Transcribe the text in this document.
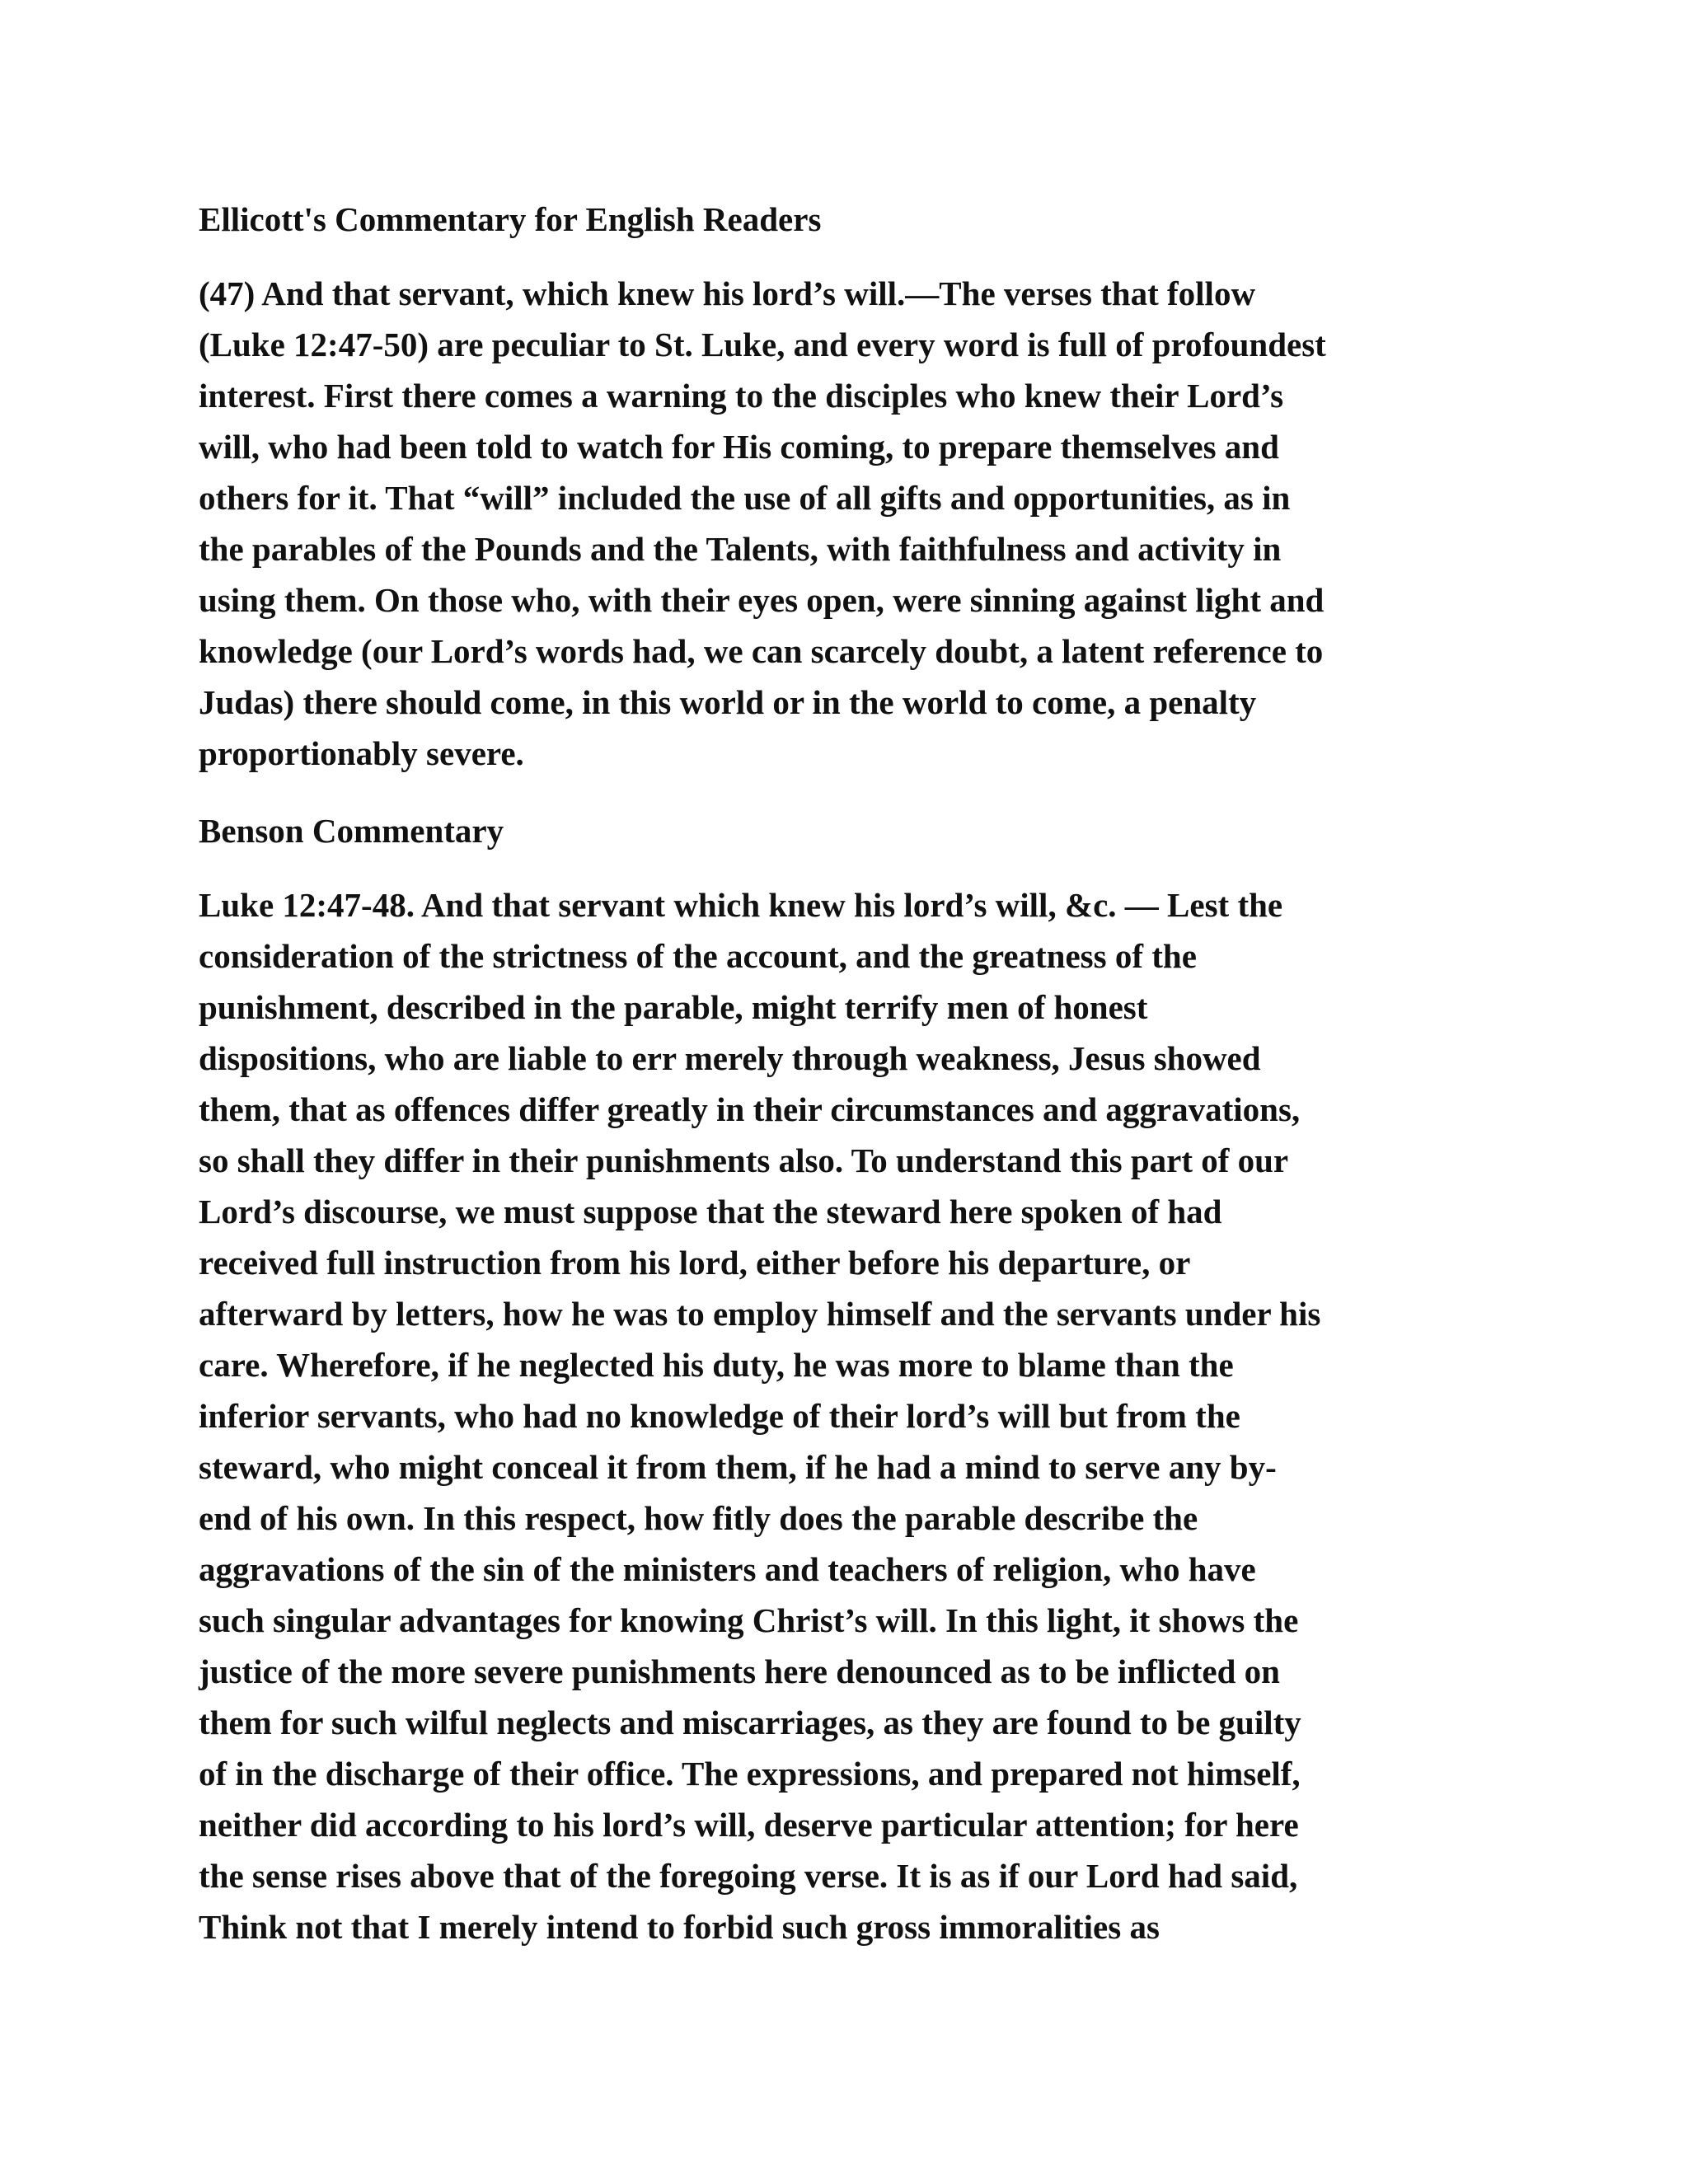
Ellicott's Commentary for English Readers
(47) And that servant, which knew his lord’s will.—The verses that follow
(Luke 12:47-50) are peculiar to St. Luke, and every word is full of profoundest
interest. First there comes a warning to the disciples who knew their Lord’s
will, who had been told to watch for His coming, to prepare themselves and
others for it. That “will” included the use of all gifts and opportunities, as in
the parables of the Pounds and the Talents, with faithfulness and activity in
using them. On those who, with their eyes open, were sinning against light and
knowledge (our Lord’s words had, we can scarcely doubt, a latent reference to
Judas) there should come, in this world or in the world to come, a penalty
proportionably severe.
Benson Commentary
Luke 12:47-48. And that servant which knew his lord’s will, &c. — Lest the
consideration of the strictness of the account, and the greatness of the
punishment, described in the parable, might terrify men of honest
dispositions, who are liable to err merely through weakness, Jesus showed
them, that as offences differ greatly in their circumstances and aggravations,
so shall they differ in their punishments also. To understand this part of our
Lord’s discourse, we must suppose that the steward here spoken of had
received full instruction from his lord, either before his departure, or
afterward by letters, how he was to employ himself and the servants under his
care. Wherefore, if he neglected his duty, he was more to blame than the
inferior servants, who had no knowledge of their lord’s will but from the
steward, who might conceal it from them, if he had a mind to serve any by-
end of his own. In this respect, how fitly does the parable describe the
aggravations of the sin of the ministers and teachers of religion, who have
such singular advantages for knowing Christ’s will. In this light, it shows the
justice of the more severe punishments here denounced as to be inflicted on
them for such wilful neglects and miscarriages, as they are found to be guilty
of in the discharge of their office. The expressions, and prepared not himself,
neither did according to his lord’s will, deserve particular attention; for here
the sense rises above that of the foregoing verse. It is as if our Lord had said,
Think not that I merely intend to forbid such gross immoralities as
